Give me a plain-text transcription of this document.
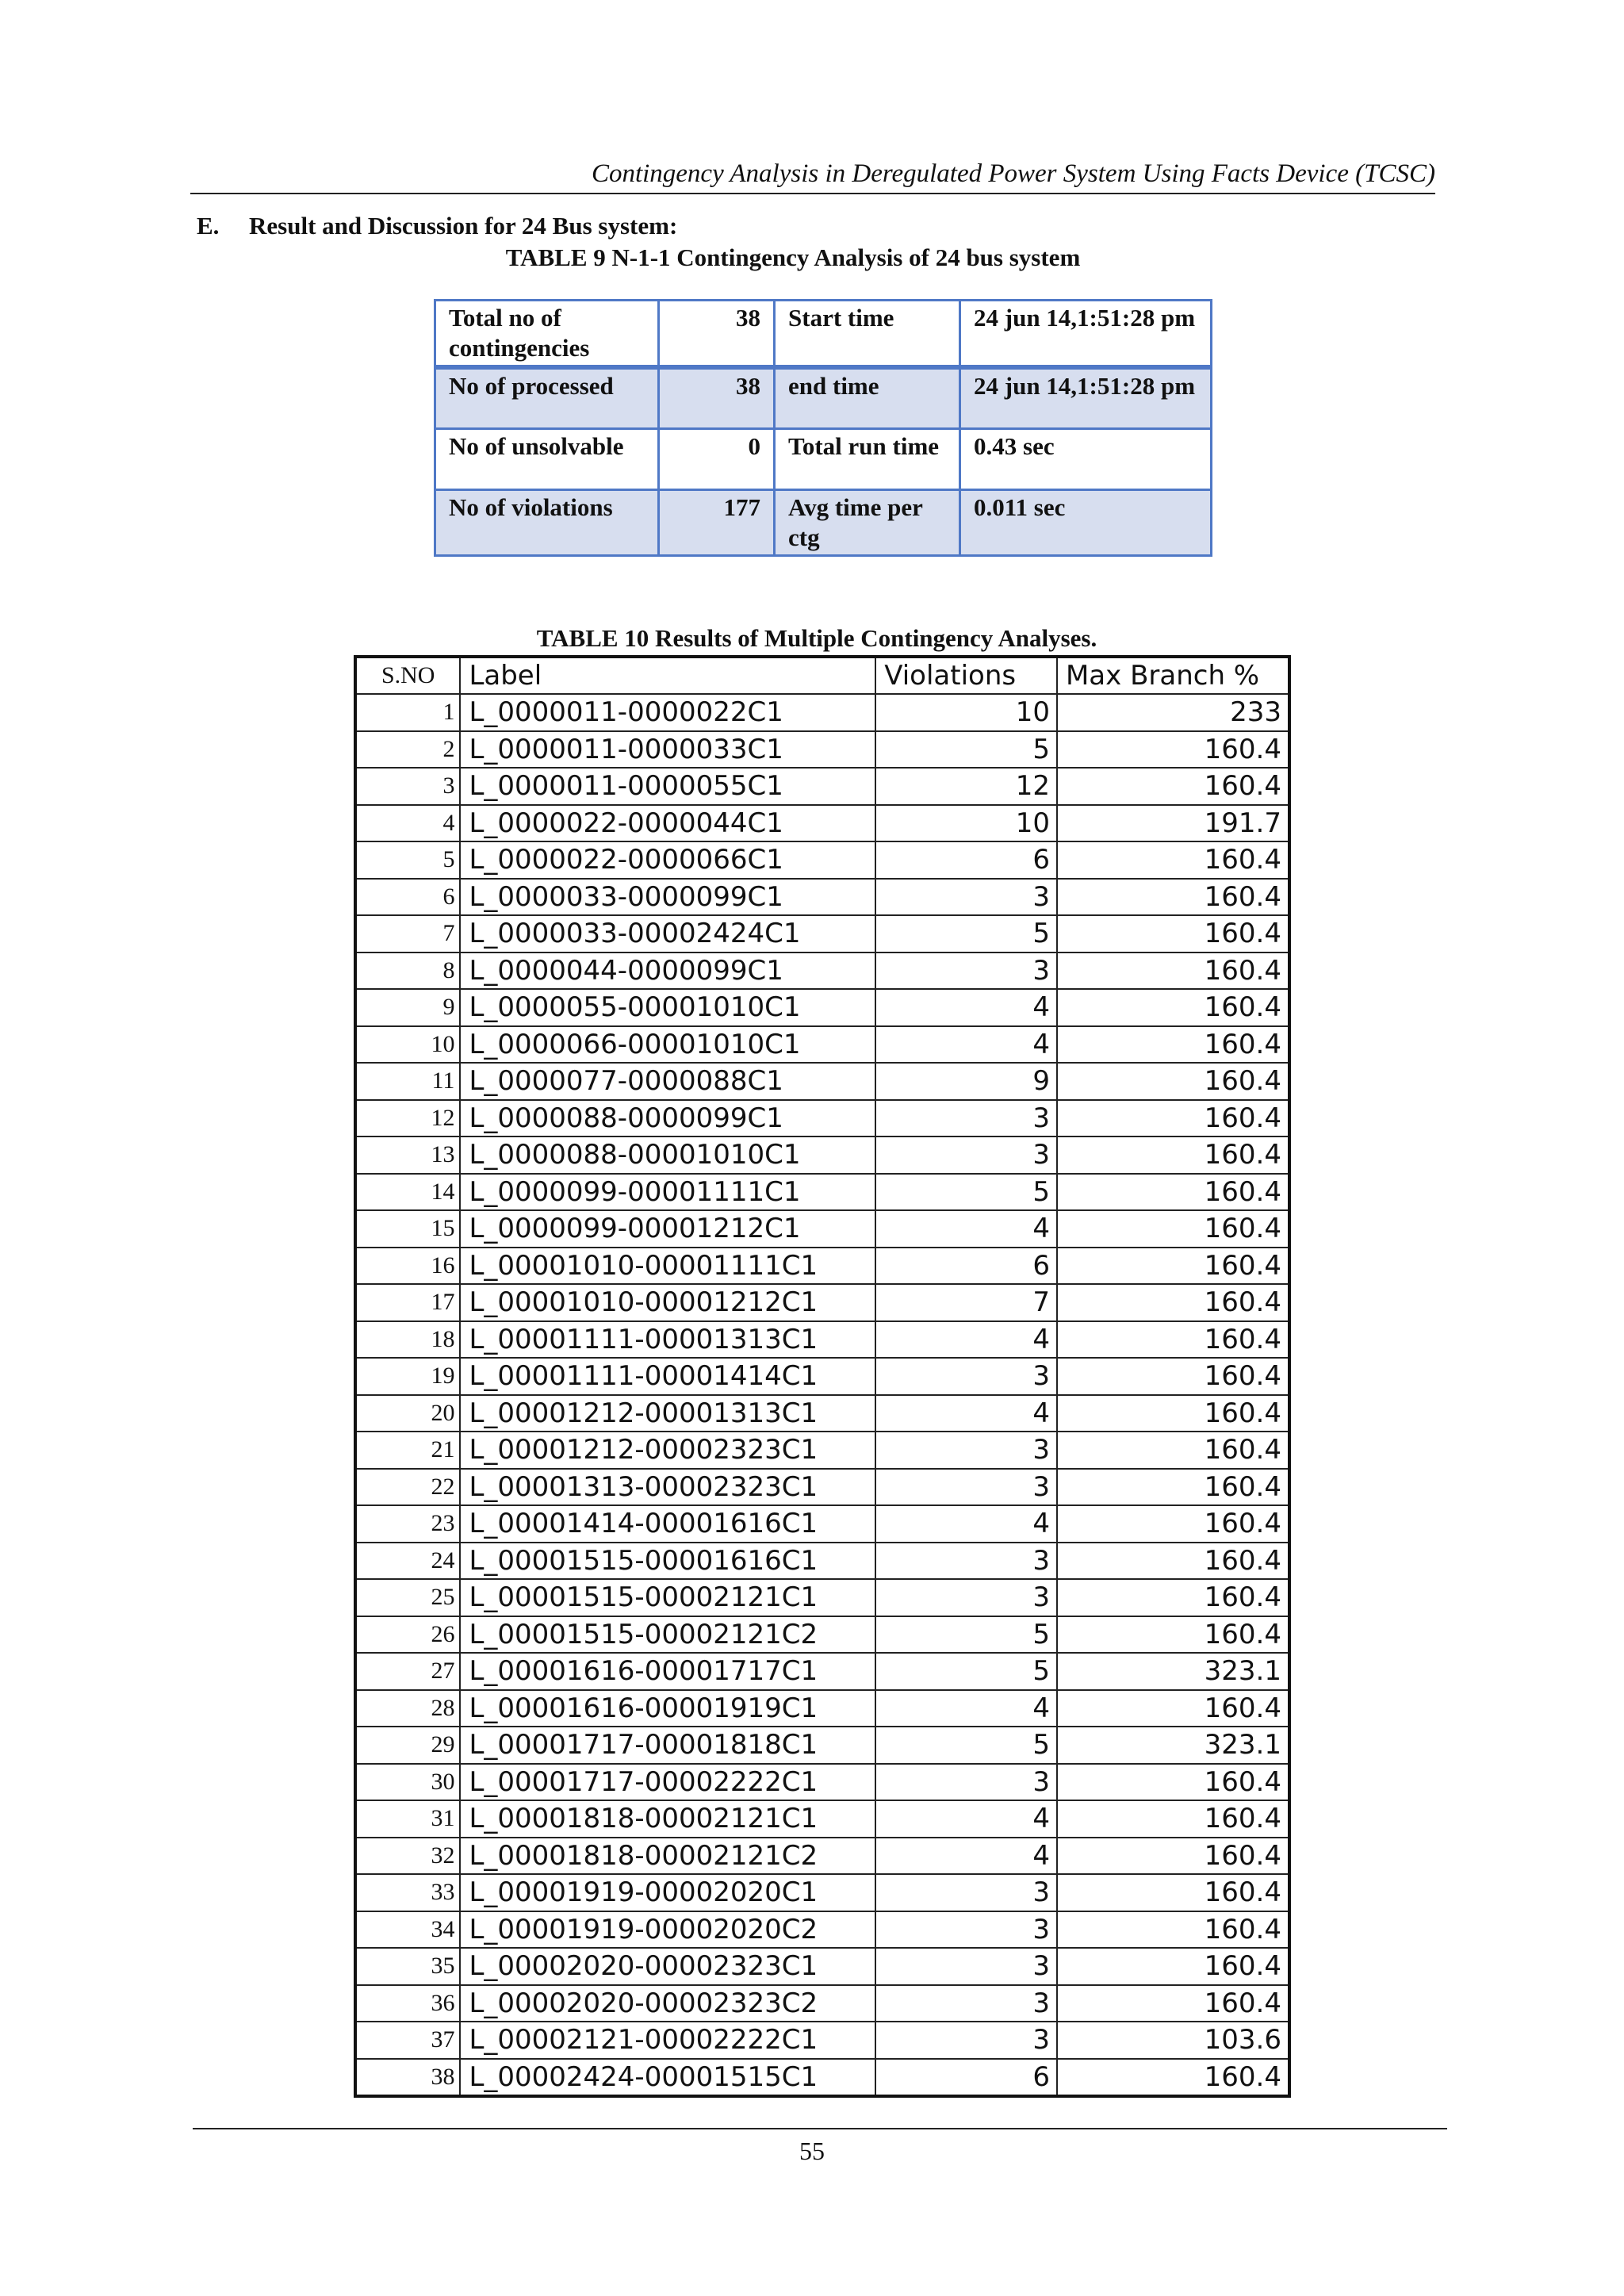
Contingency Analysis in Deregulated Power System Using Facts Device (TCSC)
E. Result and Discussion for 24 Bus system:
TABLE 9 N-1-1 Contingency Analysis of 24 bus system
Total no of contingencies	38	Start time	24 jun 14,1:51:28 pm
No of processed	38	end time	24 jun 14,1:51:28 pm
No of unsolvable	0	Total run time	0.43 sec
No of violations	177	Avg time per ctg	0.011 sec
TABLE 10 Results of Multiple Contingency Analyses.
S.NO	Label	Violations	Max Branch %
1	L_0000011-0000022C1	10	233
2	L_0000011-0000033C1	5	160.4
3	L_0000011-0000055C1	12	160.4
4	L_0000022-0000044C1	10	191.7
5	L_0000022-0000066C1	6	160.4
6	L_0000033-0000099C1	3	160.4
7	L_0000033-00002424C1	5	160.4
8	L_0000044-0000099C1	3	160.4
9	L_0000055-00001010C1	4	160.4
10	L_0000066-00001010C1	4	160.4
11	L_0000077-0000088C1	9	160.4
12	L_0000088-0000099C1	3	160.4
13	L_0000088-00001010C1	3	160.4
14	L_0000099-00001111C1	5	160.4
15	L_0000099-00001212C1	4	160.4
16	L_00001010-00001111C1	6	160.4
17	L_00001010-00001212C1	7	160.4
18	L_00001111-00001313C1	4	160.4
19	L_00001111-00001414C1	3	160.4
20	L_00001212-00001313C1	4	160.4
21	L_00001212-00002323C1	3	160.4
22	L_00001313-00002323C1	3	160.4
23	L_00001414-00001616C1	4	160.4
24	L_00001515-00001616C1	3	160.4
25	L_00001515-00002121C1	3	160.4
26	L_00001515-00002121C2	5	160.4
27	L_00001616-00001717C1	5	323.1
28	L_00001616-00001919C1	4	160.4
29	L_00001717-00001818C1	5	323.1
30	L_00001717-00002222C1	3	160.4
31	L_00001818-00002121C1	4	160.4
32	L_00001818-00002121C2	4	160.4
33	L_00001919-00002020C1	3	160.4
34	L_00001919-00002020C2	3	160.4
35	L_00002020-00002323C1	3	160.4
36	L_00002020-00002323C2	3	160.4
37	L_00002121-00002222C1	3	103.6
38	L_00002424-00001515C1	6	160.4
55
